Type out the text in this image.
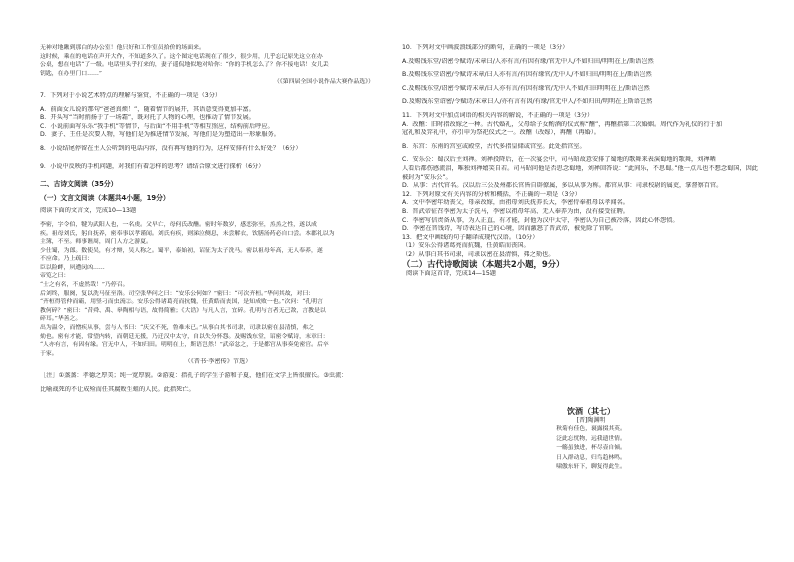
无神对地瞅到那白的办公室！他只好和工作室员拾价的场面来。
这时候，乘在的电话在声开大作，不知道多久了。这个图定电话现在了很少，很少用，几乎忘记原先这立在办
公桌，想在电话“了一级。电话里头乎打来的，妻子遥侃地似地对哈你：“你的手机怎么了？你不接电话！女儿丢
钥匙，在办里门口……”
（《第四届全国小说作品大赛作品选》）
7．下列对于小说艺术特点的理解与鉴赏，不正确的一项是（3分）
A．前面女儿说的那句“爸爸真烦！”，随着情节的展开，其语意变得更加丰富。
B．开头写“当时捎扬于了一场霜”，既对托了人物的心理，也推动了情节发展。
C．小说前面写乐乐“我手机”等情节，与后面“不用手机”等相互照应，结构前后呼应。
D．妻子、王任是次要人物，写他们是为推进情节发展，写他们是为塑造出一形象服务。
8．小说结尾停留在主人公听到的电话内容，没有再写他的行为，这样安排有什么好处？（6分）
9．小说中反映的手机问题，对我们有着怎样的思考？请结合原文进行探析（6分）
二、古诗文阅读（35分）
（一）文言文阅读（本题共4小题，19分）
阅读下面的文言文，完成10—13题
李密，字令伯，犍为武阳人也，一名虔。父早亡，母何氏改醮。密时年数岁，感恋弥至，烝烝之性，遂以成
疾。祖母刘氏，躬自抚养，密奉事以孝谨闻。刘氏有疾，则涕泣侧息，未尝解衣，饮膳汤药必自口尝。本郡礼以为
主簿，不至。师事谯周，周门人方之游夏。
少仕蜀，为郎。数使吴，有才辩，吴人称之。蜀平，泰始初，诏征为太子洗马。密以祖母年高，无人奉养，遂
不应命。乃上疏曰：
臣以险衅，夙遭闵凶……
帝览之曰：
“士之有名，不虚然哉！”乃停召。
后刘终，服阕，复以洗马征至洛。司空张华问之曰：“安乐公何如？”密曰：“可次齐桓。”华问其故，对曰：
“齐桓得管仲而霸，用竖刁而虫流②。安乐公得诸葛亮而抗魏，任黄皓而丧国，是知成败一也。”次问：“孔明言
教何碎？”密曰：“昔舜、禹、皋陶相与语，故得简雅；《大诰》与凡人言，宜碎。孔明与言者无己敌，言教是以
碎耳。”华善之。
出为温令，而憎疾从事，尝与人书曰：“庆父不死，鲁难未已。”从事白其书司隶，司隶以密在县清慎，弗之
劾也。密有才能，常望内转，而朝廷无援，乃迁汉中太守，自以失分怀怨。及赐饯东堂，诏密令赋诗，末章曰：
“人亦有言，有因有缘。官无中人，不如归田。明明在上，斯语岂然！”武帝忿之，于是都官从事奏免密官。后卒
于家。
（《晋书·李密传》节选）
［注］①蒸蒸：孝德之厚美；纯一宽厚貌。②游夏：指孔子的学生子游和子夏，他们在文学上皆很擅长。③虫流：
比喻战死的不让成殓而任其腐败生蛆的人民。此指死亡。
10．下列对文中画波浪线部分的断句，正确的一项是（3分）
A.及赐饯东堂/诏密令赋诗/末章曰/人亦有言/有因有缘/官无中人/不如归田/明明在上/斯语岂然
B.及赐饯东堂诏密/令赋诗末章/曰人亦有言/有因有缘官/无中人/不如归田/明明在上/斯语岂然
C.及赐饯东堂/诏密令赋诗末章/曰人亦有言/有因有缘官/无中人不如/归田明明在上/斯语岂然
D.及赐饯东堂诏密/令赋诗/末章曰人/亦有言有因/有缘/官无中人/不如归田/明明在上斯语岂然
11．下列对文中加点词语的相关内容的解说，不正确的一项是（3分）
A．改醮：旧时指改嫁之一种。古代婚礼，父母给子女酌酒的仪式称“醮”，再醮指第二次婚姻。周代作为礼仪的行于加
冠礼和及笄礼中，亦引申为祭祀仪式之一。改醮（改嫁），再醮（再婚）。
B．东宫：东南的宫室或殿堂，古代多指皇储或宫室。此处指宫室。
C．安乐公：蜀汉后主刘禅。刘禅投降后，在一次宴会中，司马昭故意安排了蜀地的歌舞来表演蜀地的歌舞，刘禅哂
人看后都伤感流泪，唯独刘禅嬉笑自若。司马昭问他是否思念蜀地，刘禅回答说：“此间乐，不思蜀。”他一点儿也不想念蜀国，因此
被封为“安乐公”。
D．从事：古代官名。汉以后三公及州郡长官皆自辟僚属，多以从事为称。都官从事：司隶校尉的属吏，掌督察百官。
12．下列对原文有关内容的分析和概括，不正确的一项是（3分）
A．文中李密年幼丧父，母亲改嫁，由祖母刘氏抚养长大，李密侍奉祖母以孝闻名。
B．晋武帝征召李密为太子洗马，李密以祖母年高、无人奉养为由，没有接受征聘。
C．李密写信责备从事，为人正直，有才能，封他为汉中太守，李密认为自己被冷落，因此心怀怨愤。
D．李密在晋饯诗，写诗表达自己的心境，因而激怒了晋武帝，被免除了官职。
13．把文中画线的句子翻译成现代汉语。（10分）
（1）安乐公得诸葛亮而抗魏，任黄皓而丧国。
（2）从事白其书司隶，司隶以密在县清慎，弗之劾也。
（二）古代诗歌阅读（本题共2小题，9分）
阅读下面这首诗，完成14—15题
饮酒（其七）
[晋]陶渊明
秋菊有佳色，裛露掇其英。
泛此忘忧物，远我遗世情。
一觞虽独进，杯尽壶自倾。
日入群动息，归鸟趋林鸣。
啸傲东轩下，聊复得此生。
